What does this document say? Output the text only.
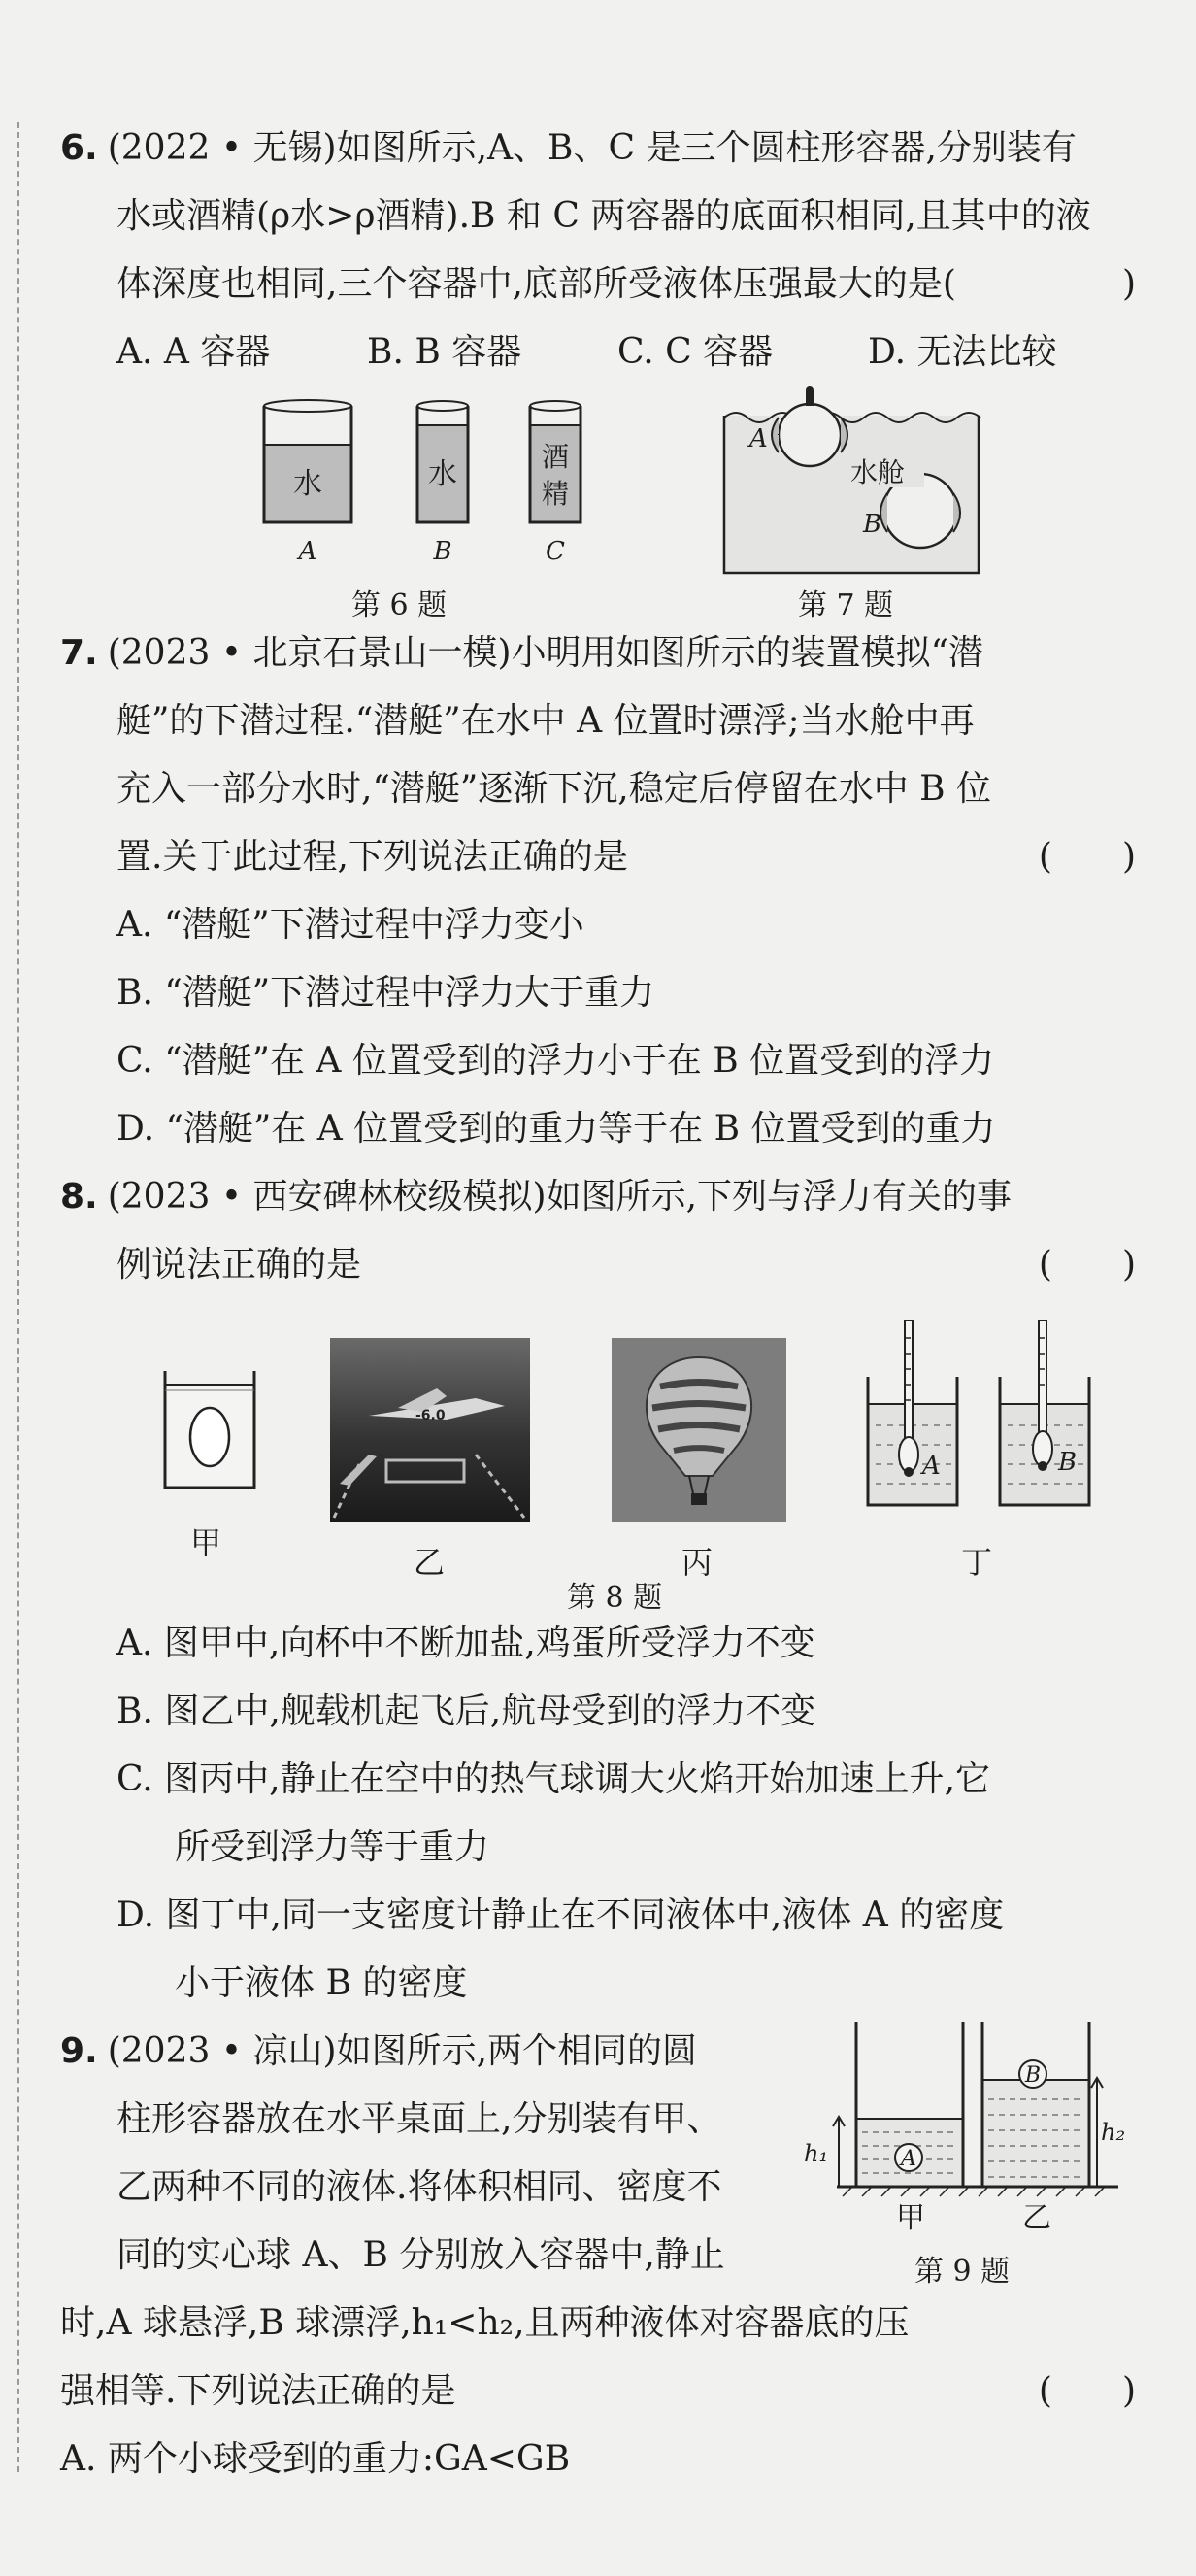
6. (2022 • 无锡)如图所示,A、B、C 是三个圆柱形容器,分别装有
水或酒精(ρ水>ρ酒精).B 和 C 两容器的底面积相同,且其中的液
体深度也相同,三个容器中,底部所受液体压强最大的是(	)
A. A 容器	B. B 容器	C. C 容器	D. 无法比较
水
A
水
B
酒
精
C
第 6 题
A
B
水舱
第 7 题
7. (2023 • 北京石景山一模)小明用如图所示的装置模拟“潜
艇”的下潜过程.“潜艇”在水中 A 位置时漂浮;当水舱中再
充入一部分水时,“潜艇”逐渐下沉,稳定后停留在水中 B 位
置.关于此过程,下列说法正确的是	(　　)
A. “潜艇”下潜过程中浮力变小
B. “潜艇”下潜过程中浮力大于重力
C. “潜艇”在 A 位置受到的浮力小于在 B 位置受到的浮力
D. “潜艇”在 A 位置受到的重力等于在 B 位置受到的重力
8. (2023 • 西安碑林校级模拟)如图所示,下列与浮力有关的事
例说法正确的是	(　　)
甲
-6.0
乙	丙
A	B
丁
第 8 题
A. 图甲中,向杯中不断加盐,鸡蛋所受浮力不变
B. 图乙中,舰载机起飞后,航母受到的浮力不变
C. 图丙中,静止在空中的热气球调大火焰开始加速上升,它
所受到浮力等于重力
D. 图丁中,同一支密度计静止在不同液体中,液体 A 的密度
小于液体 B 的密度
9. (2023 • 凉山)如图所示,两个相同的圆
柱形容器放在水平桌面上,分别装有甲、
乙两种不同的液体.将体积相同、密度不
同的实心球 A、B 分别放入容器中,静止
A
h₁
B
h₂
甲	乙
第 9 题
时,A 球悬浮,B 球漂浮,h₁<h₂,且两种液体对容器底的压
强相等.下列说法正确的是	(　　)
A. 两个小球受到的重力:GA<GB
